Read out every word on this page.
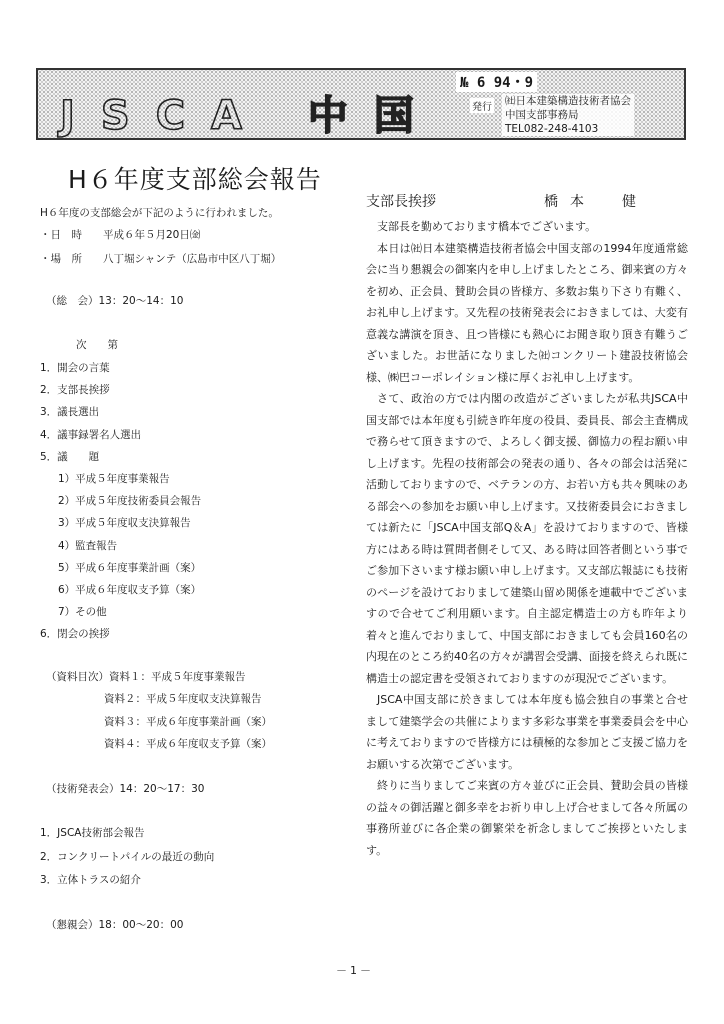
JSCA 中国
№ 6 94・9
発行
㈳日本建築構造技術者協会
中国支部事務局
TEL082-248-4103
H６年度支部総会報告
H６年度の支部総会が下記のように行われました。
・日　時　　平成６年５月20日㈮
・場　所　　八丁堀シャンテ（広島市中区八丁堀）
（総　会）13：20〜14：10
次　　第
1．開会の言葉
2．支部長挨拶
3．議長選出
4．議事録署名人選出
5．議　　題
1）平成５年度事業報告
2）平成５年度技術委員会報告
3）平成５年度収支決算報告
4）監査報告
5）平成６年度事業計画（案）
6）平成６年度収支予算（案）
7）その他
6．閉会の挨拶
（資料目次）資料１：平成５年度事業報告
資料２：平成５年度収支決算報告
資料３：平成６年度事業計画（案）
資料４：平成６年度収支予算（案）
（技術発表会）14：20〜17：30
1．JSCA技術部会報告
2．コンクリートパイルの最近の動向
3．立体トラスの紹介
（懇親会）18：00〜20：00
支部長挨拶	橋本　健

支部長を勤めております橋本でございます。

本日は㈳日本建築構造技術者協会中国支部の1994年度通常総会に当り懇親会の御案内を申し上げましたところ、御来賓の方々を初め、正会員、賛助会員の皆様方、多数お集り下さり有難く、お礼申し上げます。又先程の技術発表会におきましては、大変有意義な講演を頂き、且つ皆様にも熱心にお聞き取り頂き有難うございました。お世話になりました㈳コンクリート建設技術協会様、㈱巴コーポレイション様に厚くお礼申し上げます。

さて、政治の方では内閣の改造がございましたが私共JSCA中国支部では本年度も引続き昨年度の役員、委員長、部会主査構成で務らせて頂きますので、よろしく御支援、御協力の程お願い申し上げます。先程の技術部会の発表の通り、各々の部会は活発に活動しておりますので、ベテランの方、お若い方も共々興味のある部会への参加をお願い申し上げます。又技術委員会におきましては新たに「JSCA中国支部Q＆A」を設けておりますので、皆様方にはある時は質問者側そして又、ある時は回答者側という事でご参加下さいます様お願い申し上げます。又支部広報誌にも技術のページを設けておりまして建築山留め関係を連載中でございますので合せてご利用願います。自主認定構造士の方も昨年より着々と進んでおりまして、中国支部におきましても会員160名の内現在のところ約40名の方々が講習会受講、面接を終えられ既に構造士の認定書を受領されておりますのが現況でございます。

JSCA中国支部に於きましては本年度も協会独自の事業と合せまして建築学会の共催によります多彩な事業を事業委員会を中心に考えておりますので皆様方には積極的な参加とご支援ご協力をお願いする次第でございます。

終りに当りましてご来賓の方々並びに正会員、賛助会員の皆様の益々の御活躍と御多幸をお祈り申し上げ合せまして各々所属の事務所並びに各企業の御繁栄を祈念しましてご挨拶といたします。

－1－
